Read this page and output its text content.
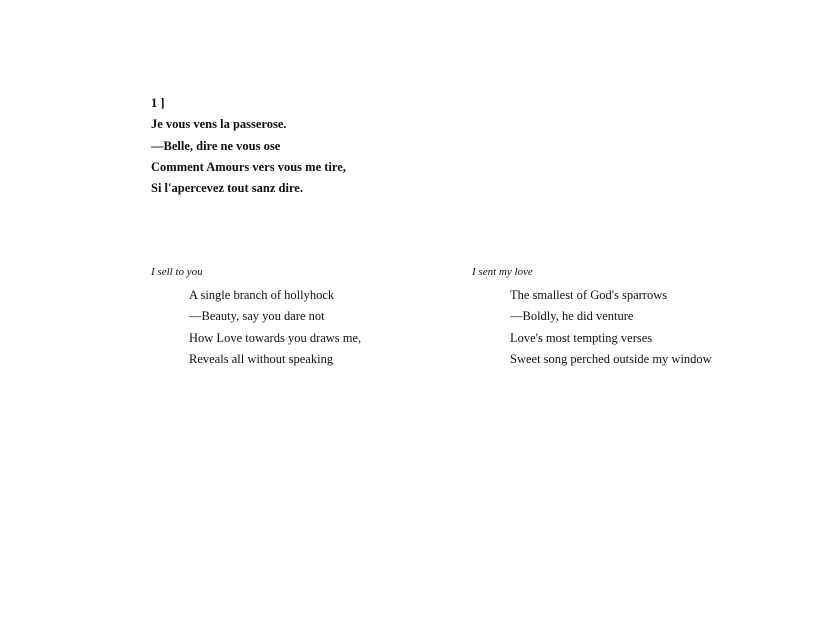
1 ]
Je vous vens la passerose.
—Belle, dire ne vous ose
Comment Amours vers vous me tire,
Si l'apercevez tout sanz dire.
I sell to you
A single branch of hollyhock
—Beauty, say you dare not
How Love towards you draws me,
Reveals all without speaking
I sent my love
The smallest of God's sparrows
—Boldly, he did venture
Love's most tempting verses
Sweet song perched outside my window
